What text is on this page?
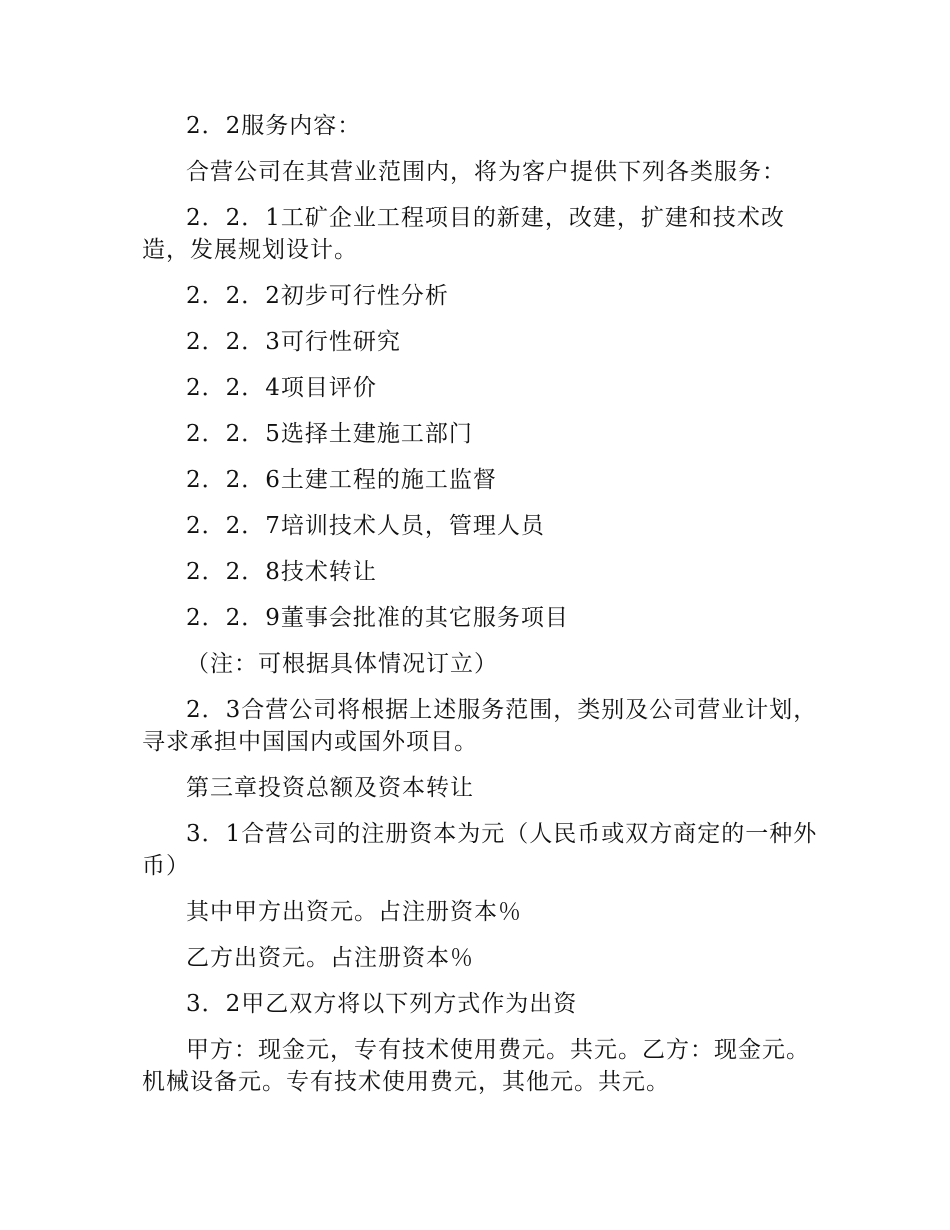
2．2服务内容：

合营公司在其营业范围内，将为客户提供下列各类服务：

2．2．1工矿企业工程项目的新建，改建，扩建和技术改造，发展规划设计。

2．2．2初步可行性分析

2．2．3可行性研究

2．2．4项目评价

2．2．5选择土建施工部门

2．2．6土建工程的施工监督

2．2．7培训技术人员，管理人员

2．2．8技术转让

2．2．9董事会批准的其它服务项目

（注：可根据具体情况订立）

2．3合营公司将根据上述服务范围，类别及公司营业计划，寻求承担中国国内或国外项目。

第三章投资总额及资本转让

3．1合营公司的注册资本为元（人民币或双方商定的一种外币）

其中甲方出资元。占注册资本％

乙方出资元。占注册资本％

3．2甲乙双方将以下列方式作为出资

甲方：现金元，专有技术使用费元。共元。乙方：现金元。机械设备元。专有技术使用费元，其他元。共元。
